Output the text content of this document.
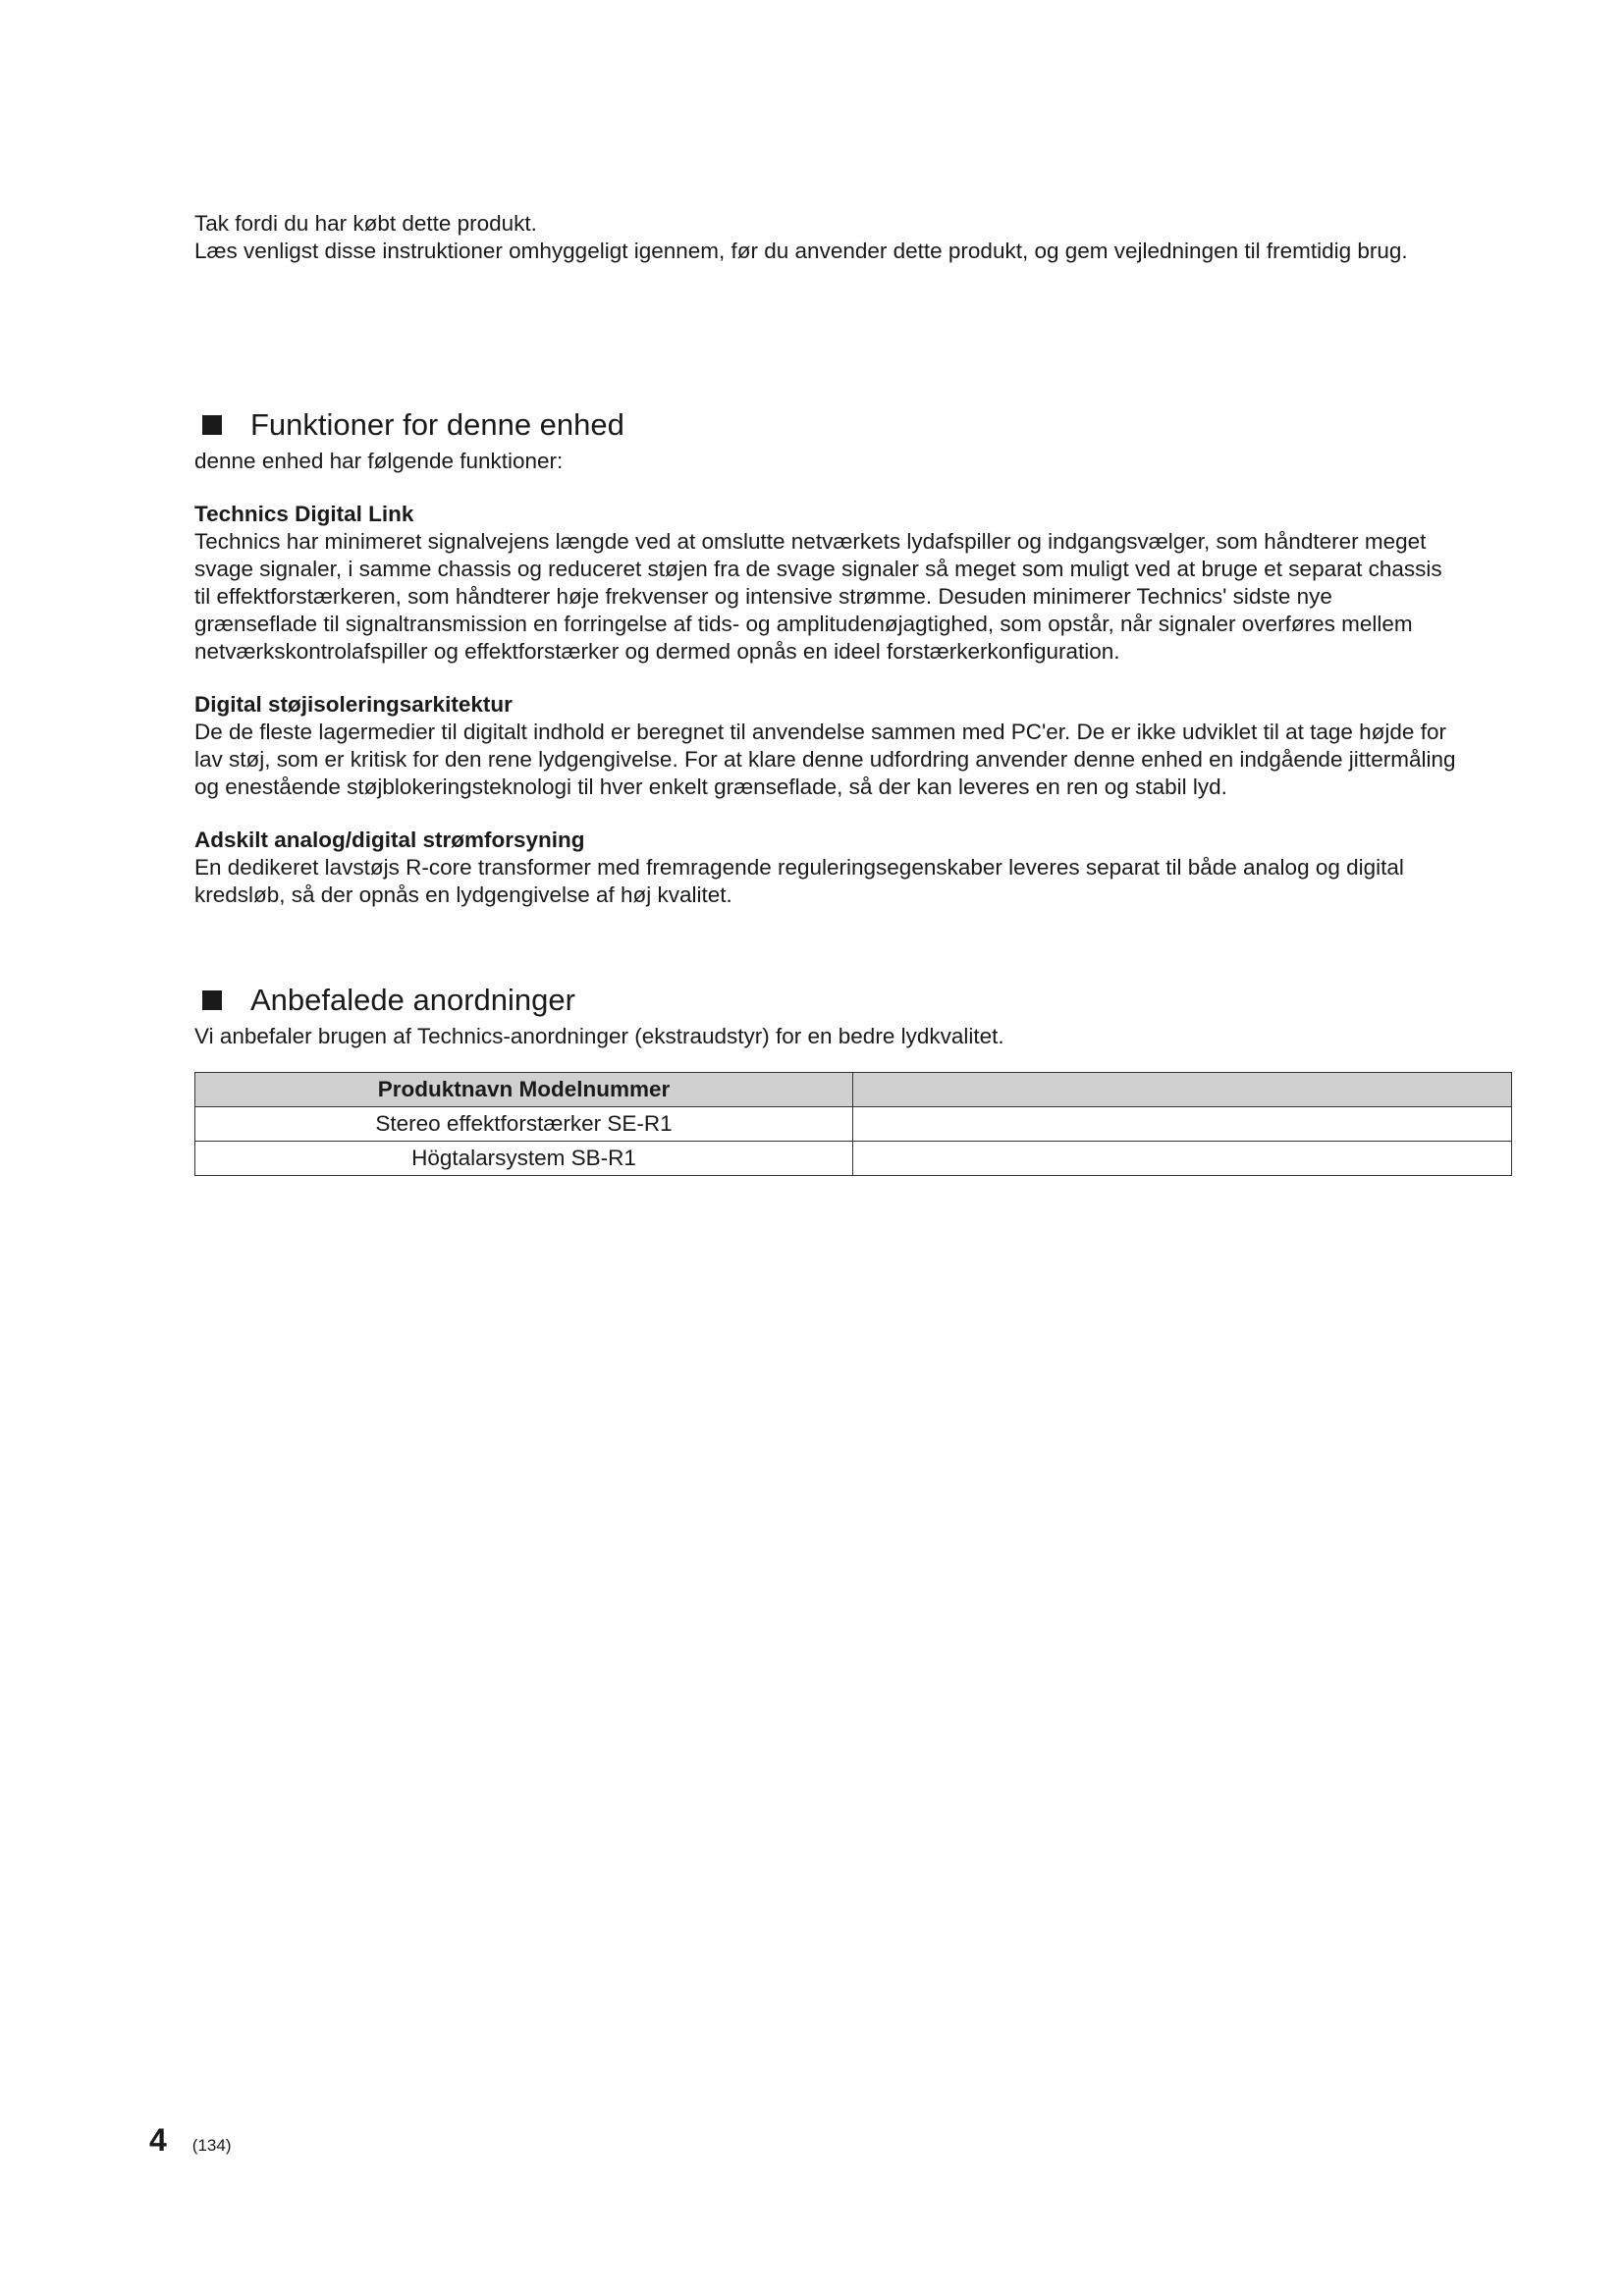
Tak fordi du har købt dette produkt.

Læs venligst disse instruktioner omhyggeligt igennem, før du anvender dette produkt, og gem vejledningen til fremtidig brug.

Funktioner for denne enhed

denne enhed har følgende funktioner:

Technics Digital Link

Technics har minimeret signalvejens længde ved at omslutte netværkets lydafspiller og indgangsvælger, som håndterer meget

svage signaler, i samme chassis og reduceret støjen fra de svage signaler så meget som muligt ved at bruge et separat chassis

til effektforstærkeren, som håndterer høje frekvenser og intensive strømme. Desuden minimerer Technics' sidste nye

grænseflade til signaltransmission en forringelse af tids- og amplitudenøjagtighed, som opstår, når signaler overføres mellem

netværkskontrolafspiller og effektforstærker og dermed opnås en ideel forstærkerkonfiguration.

Digital støjisoleringsarkitektur

De de fleste lagermedier til digitalt indhold er beregnet til anvendelse sammen med PC'er. De er ikke udviklet til at tage højde for

lav støj, som er kritisk for den rene lydgengivelse. For at klare denne udfordring anvender denne enhed en indgående jittermåling

og enestående støjblokeringsteknologi til hver enkelt grænseflade, så der kan leveres en ren og stabil lyd.

Adskilt analog/digital strømforsyning

En dedikeret lavstøjs R-core transformer med fremragende reguleringsegenskaber leveres separat til både analog og digital

kredsløb, så der opnås en lydgengivelse af høj kvalitet.

Anbefalede anordninger

Vi anbefaler brugen af Technics-anordninger (ekstraudstyr) for en bedre lydkvalitet.

Produktnavn Modelnummer	
Stereo effektforstærker SE-R1	
Högtalarsystem SB-R1	
4 (134)
